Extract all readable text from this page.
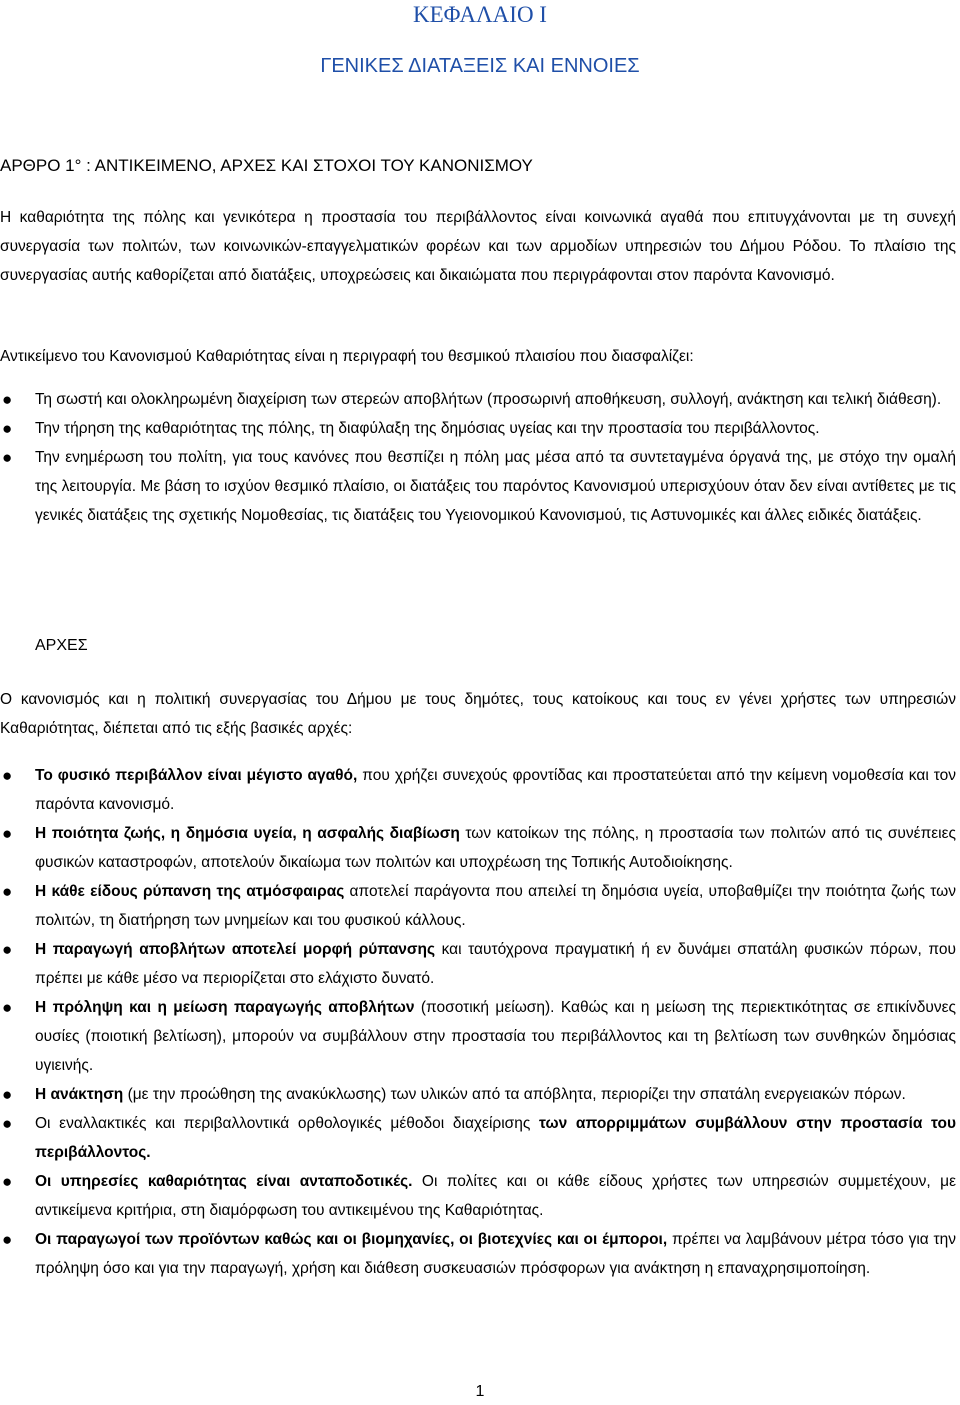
ΚΕΦΑΛΑΙΟ Ι
ΓΕΝΙΚΕΣ ΔΙΑΤΑΞΕΙΣ ΚΑΙ ΕΝΝΟΙΕΣ
ΑΡΘΡΟ 1° : ΑΝΤΙΚΕΙΜΕΝΟ, ΑΡΧΕΣ ΚΑΙ ΣΤΟΧΟΙ ΤΟΥ ΚΑΝΟΝΙΣΜΟΥ
Η καθαριότητα της πόλης και γενικότερα η προστασία του περιβάλλοντος είναι κοινωνικά αγαθά που επιτυγχάνονται με τη συνεχή συνεργασία των πολιτών, των κοινωνικών-επαγγελματικών φορέων και των αρμοδίων υπηρεσιών του Δήμου Ρόδου. Το πλαίσιο της συνεργασίας αυτής καθορίζεται από διατάξεις, υποχρεώσεις και δικαιώματα που περιγράφονται στον παρόντα Κανονισμό.
Αντικείμενο του Κανονισμού Καθαριότητας είναι η περιγραφή του θεσμικού πλαισίου που διασφαλίζει:
● Τη σωστή και ολοκληρωμένη διαχείριση των στερεών αποβλήτων (προσωρινή αποθήκευση, συλλογή, ανάκτηση και τελική διάθεση).
● Την τήρηση της καθαριότητας της πόλης, τη διαφύλαξη της δημόσιας υγείας και την προστασία του περιβάλλοντος.
● Την ενημέρωση του πολίτη, για τους κανόνες που θεσπίζει η πόλη μας μέσα από τα συντεταγμένα όργανά της, με στόχο την ομαλή της λειτουργία. Με βάση το ισχύον θεσμικό πλαίσιο, οι διατάξεις του παρόντος Κανονισμού υπερισχύουν όταν δεν είναι αντίθετες με τις γενικές διατάξεις της σχετικής Νομοθεσίας, τις διατάξεις του Υγειονομικού Κανονισμού, τις Αστυνομικές και άλλες ειδικές διατάξεις.
ΑΡΧΕΣ
Ο κανονισμός και η πολιτική συνεργασίας του Δήμου με τους δημότες, τους κατοίκους και τους εν γένει χρήστες των υπηρεσιών Καθαριότητας, διέπεται από τις εξής βασικές αρχές:
● Το φυσικό περιβάλλον είναι μέγιστο αγαθό, που χρήζει συνεχούς φροντίδας και προστατεύεται από την κείμενη νομοθεσία και τον παρόντα κανονισμό.
● Η ποιότητα ζωής, η δημόσια υγεία, η ασφαλής διαβίωση των κατοίκων της πόλης, η προστασία των πολιτών από τις συνέπειες φυσικών καταστροφών, αποτελούν δικαίωμα των πολιτών και υποχρέωση της Τοπικής Αυτοδιοίκησης.
● Η κάθε είδους ρύπανση της ατμόσφαιρας αποτελεί παράγοντα που απειλεί τη δημόσια υγεία, υποβαθμίζει την ποιότητα ζωής των πολιτών, τη διατήρηση των μνημείων και του φυσικού κάλλους.
● Η παραγωγή αποβλήτων αποτελεί μορφή ρύπανσης και ταυτόχρονα πραγματική ή εν δυνάμει σπατάλη φυσικών πόρων, που πρέπει με κάθε μέσο να περιορίζεται στο ελάχιστο δυνατό.
● Η πρόληψη και η μείωση παραγωγής αποβλήτων (ποσοτική μείωση). Καθώς και η μείωση της περιεκτικότητας σε επικίνδυνες ουσίες (ποιοτική βελτίωση), μπορούν να συμβάλλουν στην προστασία του περιβάλλοντος και τη βελτίωση των συνθηκών δημόσιας υγιεινής.
● Η ανάκτηση (με την προώθηση της ανακύκλωσης) των υλικών από τα απόβλητα, περιορίζει την σπατάλη ενεργειακών πόρων.
● Οι εναλλακτικές και περιβαλλοντικά ορθολογικές μέθοδοι διαχείρισης των απορριμμάτων συμβάλλουν στην προστασία του περιβάλλοντος.
● Οι υπηρεσίες καθαριότητας είναι ανταποδοτικές. Οι πολίτες και οι κάθε είδους χρήστες των υπηρεσιών συμμετέχουν, με αντικείμενα κριτήρια, στη διαμόρφωση του αντικειμένου της Καθαριότητας.
● Οι παραγωγοί των προϊόντων καθώς και οι βιομηχανίες, οι βιοτεχνίες και οι έμποροι, πρέπει να λαμβάνουν μέτρα τόσο για την πρόληψη όσο και για την παραγωγή, χρήση και διάθεση συσκευασιών πρόσφορων για ανάκτηση η επαναχρησιμοποίηση.
1
